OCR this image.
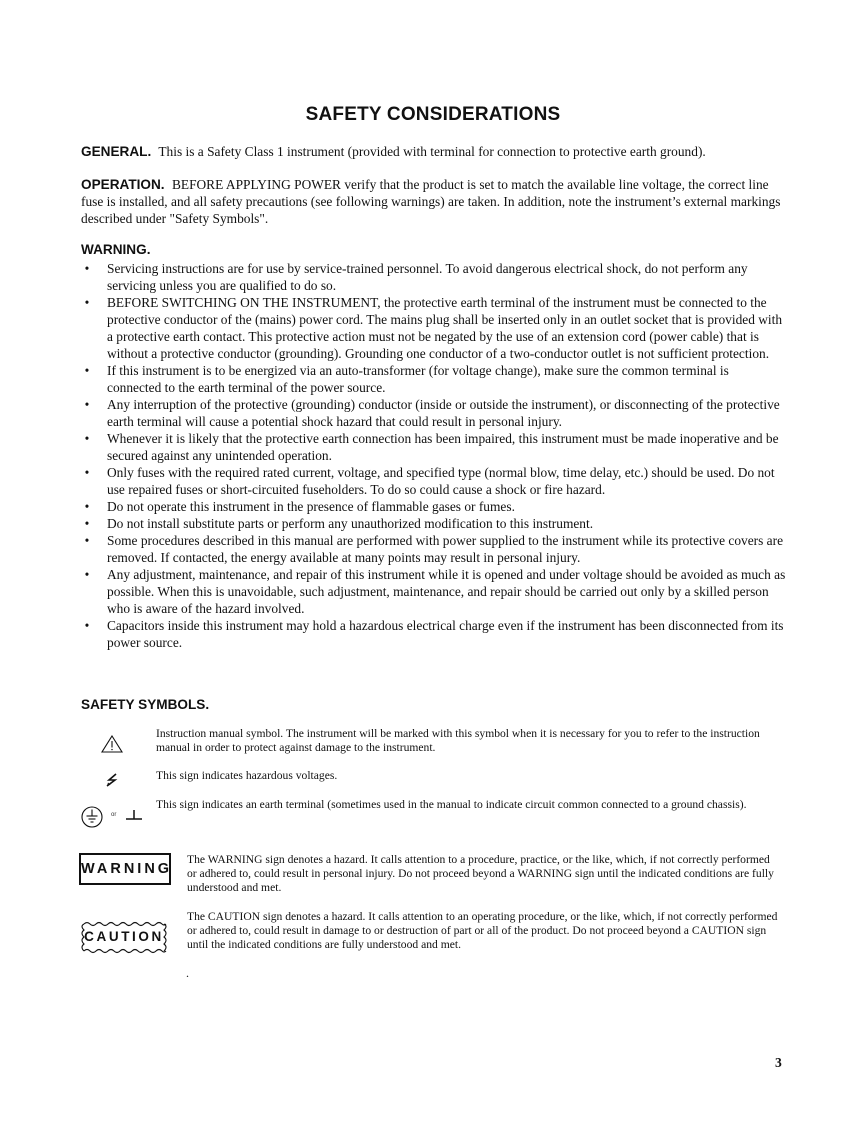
SAFETY CONSIDERATIONS
GENERAL. This is a Safety Class 1 instrument (provided with terminal for connection to protective earth ground).
OPERATION. BEFORE APPLYING POWER verify that the product is set to match the available line voltage, the correct line fuse is installed, and all safety precautions (see following warnings) are taken. In addition, note the instrument’s external markings described under "Safety Symbols".
WARNING.
• Servicing instructions are for use by service-trained personnel. To avoid dangerous electrical shock, do not perform any servicing unless you are qualified to do so.
• BEFORE SWITCHING ON THE INSTRUMENT, the protective earth terminal of the instrument must be connected to the protective conductor of the (mains) power cord. The mains plug shall be inserted only in an outlet socket that is provided with a protective earth contact. This protective action must not be negated by the use of an extension cord (power cable) that is without a protective conductor (grounding). Grounding one conductor of a two-conductor outlet is not sufficient protection.
• If this instrument is to be energized via an auto-transformer (for voltage change), make sure the common terminal is connected to the earth terminal of the power source.
• Any interruption of the protective (grounding) conductor (inside or outside the instrument), or disconnecting of the protective earth terminal will cause a potential shock hazard that could result in personal injury.
• Whenever it is likely that the protective earth connection has been impaired, this instrument must be made inoperative and be secured against any unintended operation.
• Only fuses with the required rated current, voltage, and specified type (normal blow, time delay, etc.) should be used. Do not use repaired fuses or short-circuited fuseholders. To do so could cause a shock or fire hazard.
• Do not operate this instrument in the presence of flammable gases or fumes.
• Do not install substitute parts or perform any unauthorized modification to this instrument.
• Some procedures described in this manual are performed with power supplied to the instrument while its protective covers are removed. If contacted, the energy available at many points may result in personal injury.
• Any adjustment, maintenance, and repair of this instrument while it is opened and under voltage should be avoided as much as possible. When this is unavoidable, such adjustment, maintenance, and repair should be carried out only by a skilled person who is aware of the hazard involved.
• Capacitors inside this instrument may hold a hazardous electrical charge even if the instrument has been disconnected from its power source.
SAFETY SYMBOLS.
Instruction manual symbol. The instrument will be marked with this symbol when it is necessary for you to refer to the instruction manual in order to protect against damage to the instrument.
This sign indicates hazardous voltages.
or
This sign indicates an earth terminal (sometimes used in the manual to indicate circuit common connected to a ground chassis).
WARNING
The WARNING sign denotes a hazard. It calls attention to a procedure, practice, or the like, which, if not correctly performed or adhered to, could result in personal injury. Do not proceed beyond a WARNING sign until the indicated conditions are fully understood and met.
CAUTION
The CAUTION sign denotes a hazard. It calls attention to an operating procedure, or the like, which, if not correctly performed or adhered to, could result in damage to or destruction of part or all of the product. Do not proceed beyond a CAUTION sign until the indicated conditions are fully understood and met.
.
3
